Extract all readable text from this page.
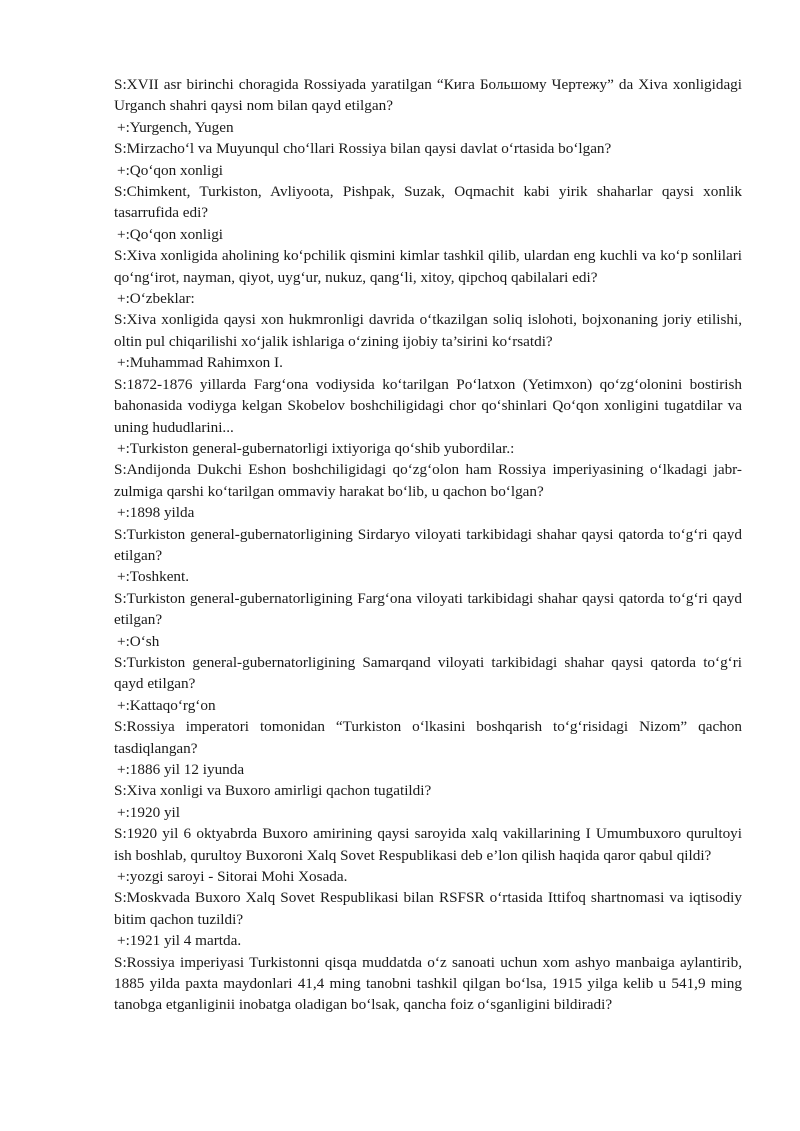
S:XVII asr birinchi choragida Rossiyada yaratilgan “Кига Большому Чертежу” da Xiva xonligidagi Urganch shahri qaysi nom bilan qayd etilgan?

+:Yurgench, Yugen

S:Mirzacho‘l va Muyunqul cho‘llari Rossiya bilan qaysi davlat o‘rtasida bo‘lgan?

+:Qo‘qon xonligi

S:Chimkent, Turkiston, Avliyoota, Pishpak, Suzak, Oqmachit kabi yirik shaharlar qaysi xonlik tasarrufida edi?

+:Qo‘qon xonligi

S:Xiva xonligida aholining ko‘pchilik qismini kimlar tashkil qilib, ulardan eng kuchli va ko‘p sonlilari qo‘ng‘irot, nayman, qiyot, uyg‘ur, nukuz, qang‘li, xitoy, qipchoq qabilalari edi?

+:O‘zbeklar:

S:Xiva xonligida qaysi xon hukmronligi davrida o‘tkazilgan soliq islohoti, bojxonaning joriy etilishi, oltin pul chiqarilishi xo‘jalik ishlariga o‘zining ijobiy ta’sirini ko‘rsatdi?

+:Muhammad Rahimxon I.

S:1872-1876 yillarda Farg‘ona vodiysida ko‘tarilgan Po‘latxon (Yetimxon) qo‘zg‘olonini bostirish bahonasida vodiyga kelgan Skobelov boshchiligidagi chor qo‘shinlari Qo‘qon xonligini tugatdilar va uning hududlarini...

+:Turkiston general-gubernatorligi ixtiyoriga qo‘shib yubordilar.:

S:Andijonda Dukchi Eshon boshchiligidagi qo‘zg‘olon ham Rossiya imperiyasining o‘lkadagi jabr-zulmiga qarshi ko‘tarilgan ommaviy harakat bo‘lib, u qachon bo‘lgan?

+:1898 yilda

S:Turkiston general-gubernatorligining Sirdaryo viloyati tarkibidagi shahar qaysi qatorda to‘g‘ri qayd etilgan?

+:Toshkent.

S:Turkiston general-gubernatorligining Farg‘ona viloyati tarkibidagi shahar qaysi qatorda to‘g‘ri qayd etilgan?

+:O‘sh

S:Turkiston general-gubernatorligining Samarqand viloyati tarkibidagi shahar qaysi qatorda to‘g‘ri qayd etilgan?

+:Kattaqo‘rg‘on

S:Rossiya imperatori tomonidan “Turkiston o‘lkasini boshqarish to‘g‘risidagi Nizom” qachon tasdiqlangan?

+:1886 yil 12 iyunda

S:Xiva xonligi va Buxoro amirligi qachon tugatildi?

+:1920 yil

S:1920 yil 6 oktyabrda Buxoro amirining qaysi saroyida xalq vakillarining I Umumbuxoro qurultoyi ish boshlab, qurultoy Buxoroni Xalq Sovet Respublikasi deb e’lon qilish haqida qaror qabul qildi?

+:yozgi saroyi - Sitorai Mohi Xosada.

S:Moskvada Buxoro Xalq Sovet Respublikasi bilan RSFSR o‘rtasida Ittifoq shartnomasi va iqtisodiy bitim qachon tuzildi?

+:1921 yil 4 martda.

S:Rossiya imperiyasi Turkistonni qisqa muddatda o‘z sanoati uchun xom ashyo manbaiga aylantirib, 1885 yilda paxta maydonlari 41,4 ming tanobni tashkil qilgan bo‘lsa, 1915 yilga kelib u 541,9 ming tanobga etganliginii inobatga oladigan bo‘lsak, qancha foiz o‘sganligini bildiradi?
